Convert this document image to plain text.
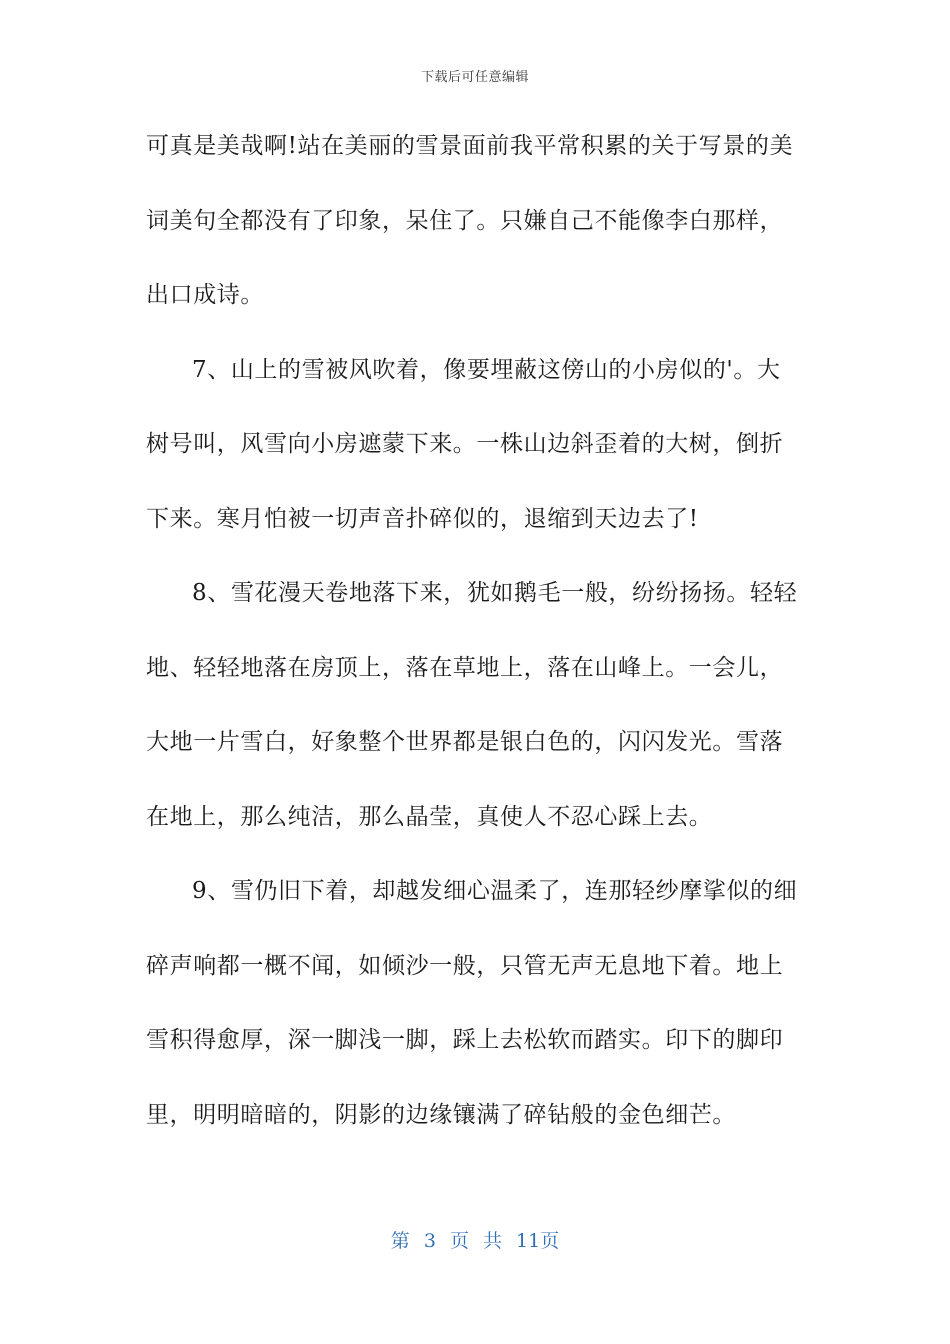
下载后可任意编辑
可真是美哉啊!站在美丽的雪景面前我平常积累的关于写景的美
词美句全都没有了印象，呆住了。只嫌自己不能像李白那样，
出口成诗。
7、山上的雪被风吹着，像要埋蔽这傍山的小房似的'。大
树号叫，风雪向小房遮蒙下来。一株山边斜歪着的大树，倒折
下来。寒月怕被一切声音扑碎似的，退缩到天边去了!
8、雪花漫天卷地落下来，犹如鹅毛一般，纷纷扬扬。轻轻
地、轻轻地落在房顶上，落在草地上，落在山峰上。一会儿，
大地一片雪白，好象整个世界都是银白色的，闪闪发光。雪落
在地上，那么纯洁，那么晶莹，真使人不忍心踩上去。
9、雪仍旧下着，却越发细心温柔了，连那轻纱摩挲似的细
碎声响都一概不闻，如倾沙一般，只管无声无息地下着。地上
雪积得愈厚，深一脚浅一脚，踩上去松软而踏实。印下的脚印
里，明明暗暗的，阴影的边缘镶满了碎钻般的金色细芒。
第 3 页 共 11页
